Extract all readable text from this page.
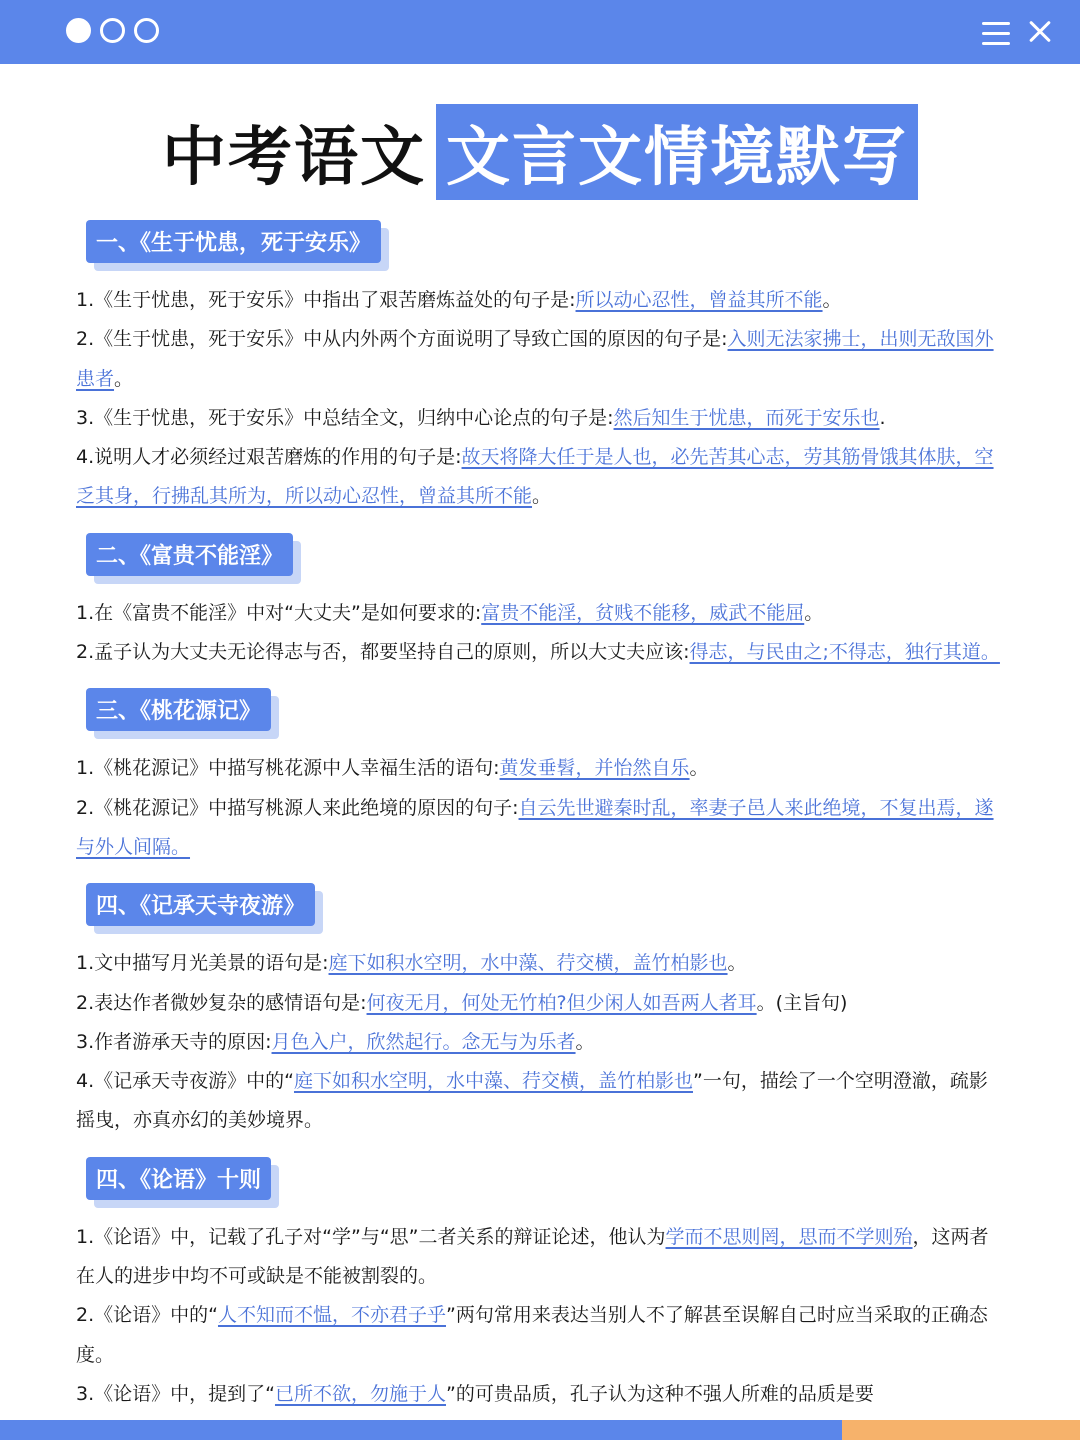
中考语文 文言文情境默写
一、《生于忧患，死于安乐》
1.《生于忧患，死于安乐》中指出了艰苦磨炼益处的句子是:所以动心忍性，曾益其所不能。
2.《生于忧患，死于安乐》中从内外两个方面说明了导致亡国的原因的句子是:入则无法家拂士，出则无敌国外患者。
3.《生于忧患，死于安乐》中总结全文，归纳中心论点的句子是:然后知生于忧患，而死于安乐也.
4.说明人才必须经过艰苦磨炼的作用的句子是:故天将降大任于是人也，必先苦其心志，劳其筋骨饿其体肤，空乏其身，行拂乱其所为，所以动心忍性，曾益其所不能。
二、《富贵不能淫》
1.在《富贵不能淫》中对“大丈夫”是如何要求的:富贵不能淫，贫贱不能移，威武不能屈。
2.孟子认为大丈夫无论得志与否，都要坚持自己的原则，所以大丈夫应该:得志，与民由之;不得志，独行其道。
三、《桃花源记》
1.《桃花源记》中描写桃花源中人幸福生活的语句:黄发垂髫，并怡然自乐。
2.《桃花源记》中描写桃源人来此绝境的原因的句子:自云先世避秦时乱，率妻子邑人来此绝境，不复出焉，遂与外人间隔。
四、《记承天寺夜游》
1.文中描写月光美景的语句是:庭下如积水空明，水中藻、荇交横，盖竹柏影也。
2.表达作者微妙复杂的感情语句是:何夜无月，何处无竹柏?但少闲人如吾两人者耳。(主旨句)
3.作者游承天寺的原因:月色入户，欣然起行。念无与为乐者。
4.《记承天寺夜游》中的“庭下如积水空明，水中藻、荇交横，盖竹柏影也”一句，描绘了一个空明澄澈，疏影摇曳，亦真亦幻的美妙境界。
四、《论语》十则
1.《论语》中，记载了孔子对“学”与“思”二者关系的辩证论述，他认为学而不思则罔，思而不学则殆，这两者在人的进步中均不可或缺是不能被割裂的。
2.《论语》中的“人不知而不愠，不亦君子乎”两句常用来表达当别人不了解甚至误解自己时应当采取的正确态度。
3.《论语》中，提到了“已所不欲，勿施于人”的可贵品质，孔子认为这种不强人所难的品质是要
